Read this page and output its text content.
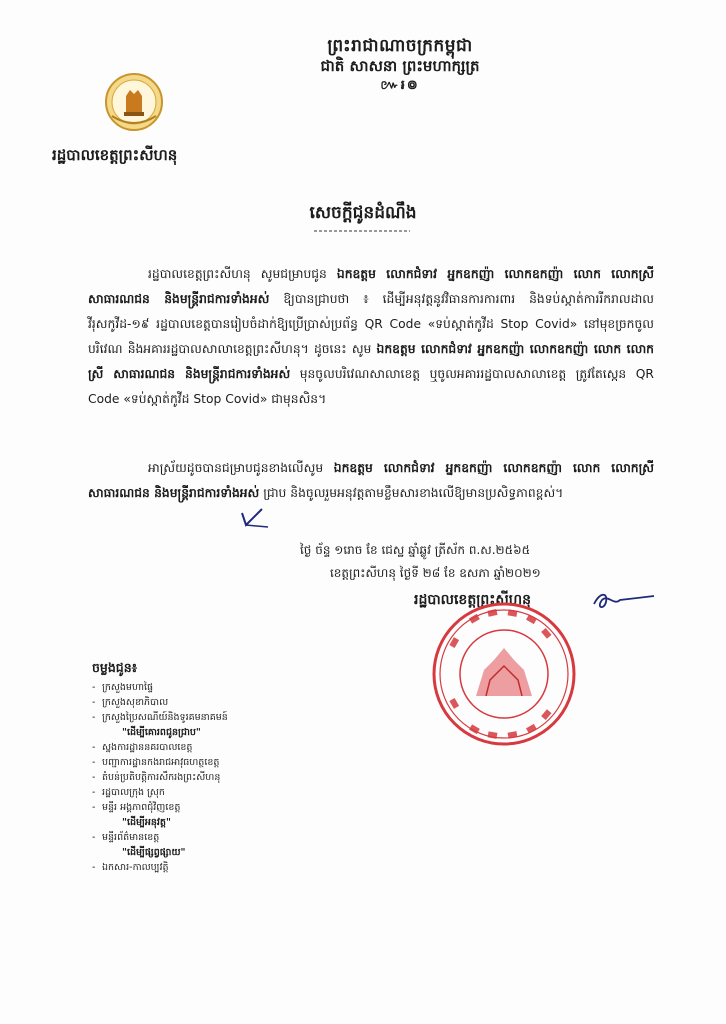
ព្រះរាជាណាចក្រកម្ពុជា
ជាតិ សាសនា ព្រះមហាក្សត្រ
៚៛៙
រដ្ឋបាលខេត្តព្រះសីហនុ
សេចក្តីជូនដំណឹង
រដ្ឋបាលខេត្តព្រះសីហនុ សូមជម្រាបជូន ឯកឧត្តម លោកជំទាវ អ្នកឧកញ៉ា លោកឧកញ៉ា លោក លោកស្រី សាធារណជន និងមន្ត្រីរាជការទាំងអស់ ឱ្យបានជ្រាបថា ៖ ដើម្បីអនុវត្តនូវវិធានការការពារ និងទប់ស្កាត់ការរីករាលដាលវីរុសកូវីដ-១៩ រដ្ឋបាលខេត្តបានរៀបចំដាក់ឱ្យប្រើប្រាស់ប្រព័ន្ធ QR Code «ទប់ស្កាត់កូវីដ Stop Covid» នៅមុខច្រកចូលបរិវេណ និងអគាររដ្ឋបាលសាលាខេត្តព្រះសីហនុ។ ដូចនេះ សូម ឯកឧត្តម លោកជំទាវ អ្នកឧកញ៉ា លោកឧកញ៉ា លោក លោកស្រី សាធារណជន និងមន្ត្រីរាជការទាំងអស់ មុនចូលបរិវេណសាលាខេត្ត ឬចូលអគាររដ្ឋបាលសាលាខេត្ត ត្រូវតែស្កេន QR Code «ទប់ស្កាត់កូវីដ Stop Covid» ជាមុនសិន។
អាស្រ័យដូចបានជម្រាបជូនខាងលើសូម ឯកឧត្តម លោកជំទាវ អ្នកឧកញ៉ា លោកឧកញ៉ា លោក លោកស្រី សាធារណជន និងមន្ត្រីរាជការទាំងអស់ ជ្រាប និងចូលរួមអនុវត្តតាមខ្លឹមសារខាងលើឱ្យមានប្រសិទ្ធភាពខ្ពស់។
ថ្ងៃ ច័ន្ទ ១រោច ខែ ជេស្ឋ ឆ្នាំឆ្លូវ ត្រីស័ក ព.ស.២៥៦៥
ខេត្តព្រះសីហនុ ថ្ងៃទី ២៨ ខែ ឧសភា ឆ្នាំ២០២១
រដ្ឋបាលខេត្តព្រះសីហនុ
ចម្លងជូន៖
- ក្រសួងមហាផ្ទៃ
- ក្រសួងសុខាភិបាល
- ក្រសួងប្រៃសណីយ៍និងទូរគមនាគមន៍
"ដើម្បីគោរពជូនជ្រាប"
- ស្នងការដ្ឋាននគរបាលខេត្ត
- បញ្ជាការដ្ឋានកងរាជអាវុធហត្ថខេត្ត
- តំបន់ប្រតិបត្តិការសឹករងព្រះសីហនុ
- រដ្ឋបាលក្រុង ស្រុក
- មន្ទីរ អង្គភាពជុំវិញខេត្ត
"ដើម្បីអនុវត្ត"
- មន្ទីរព័ត៌មានខេត្ត
"ដើម្បីផ្សព្វផ្សាយ"
- ឯកសារ-កាលប្បវត្តិ
